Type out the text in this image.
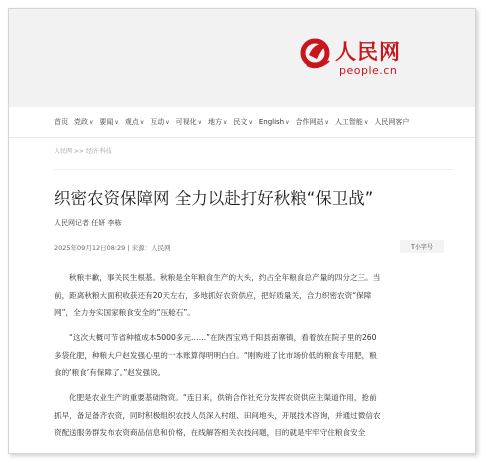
人民网
people.cn
首页 党政 ∨ 要闻 ∨ 观点 ∨ 互动 ∨ 可视化 ∨ 地方 ∨ 民文 ∨ English ∨ 合作网站 ∨ 人工智能 ∨ 人民网客户
人民网 >> 经济·科技
织密农资保障网 全力以赴打好秋粮“保卫战”
人民网记者 任妍 李栋
2025年09月12日08:29 | 来源：人民网	T小字号
秋粮丰歉，事关民生根基。秋粮是全年粮食生产的大头，约占全年粮食总产量的四分之三。当
前，距离秋粮大面积收获还有20天左右，多地抓好农资供应，把好质量关，合力织密农资“保障
网”，全力夯实国家粮食安全的“压舱石”。
“这次大概可节省种植成本5000多元……”在陕西宝鸡千阳县南寨镇，看着放在院子里的260
多袋化肥，种粮大户赵发强心里的一本账算得明明白白。“刚购进了比市场价低的粮食专用肥，粮
食的‘粮食’有保障了。”赵发强说。
化肥是农业生产的重要基础物资。“连日来，供销合作社充分发挥农资供应主渠道作用，抢前
抓早，备足备齐农资，同时积极组织农技人员深入村组、田间地头，开展技术咨询，并通过微信农
资配送服务群发布农资商品信息和价格，在线解答相关农技问题，目的就是牢牢守住粮食安全
